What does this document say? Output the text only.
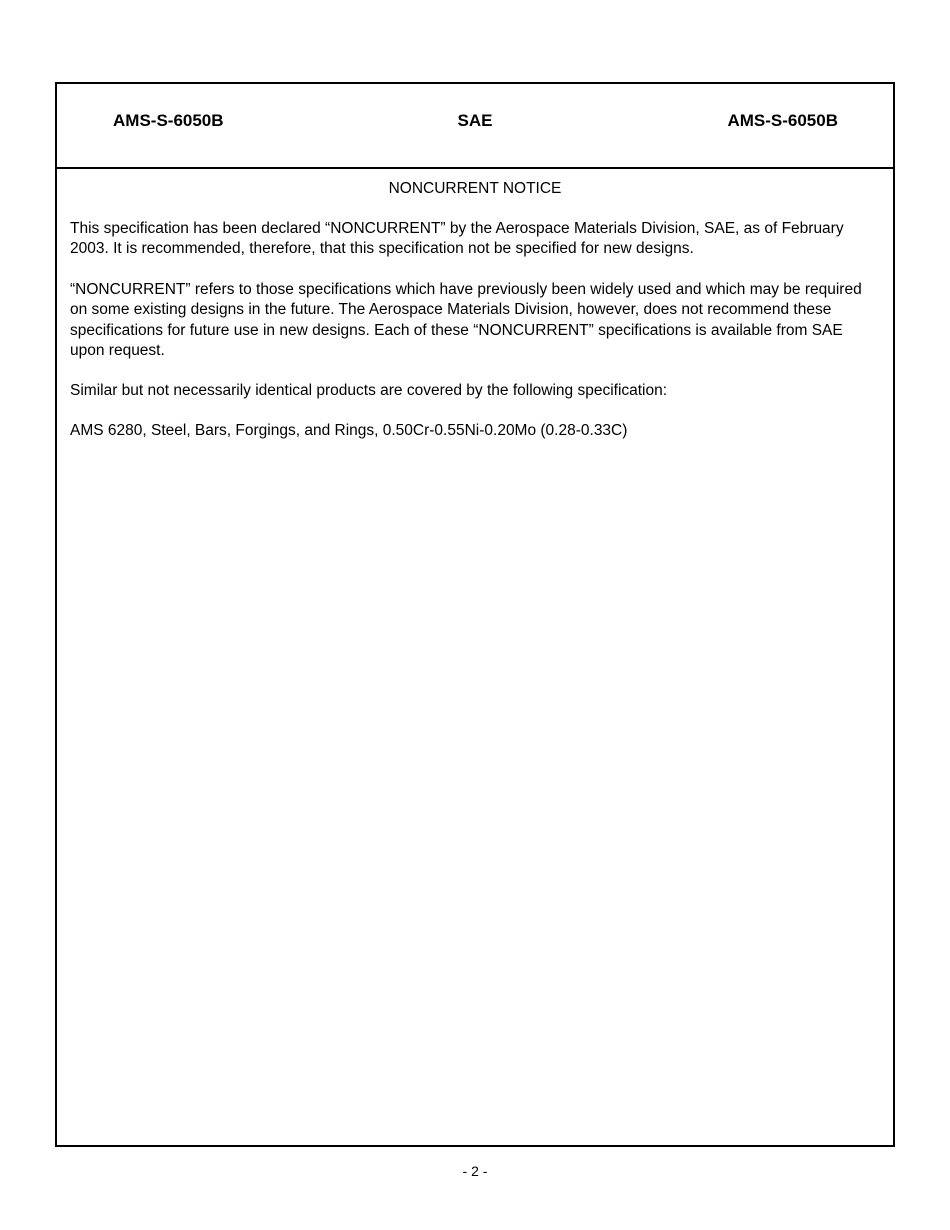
AMS-S-6050B	SAE	AMS-S-6050B
NONCURRENT NOTICE

This specification has been declared “NONCURRENT” by the Aerospace Materials Division, SAE, as of February 2003. It is recommended, therefore, that this specification not be specified for new designs.

“NONCURRENT” refers to those specifications which have previously been widely used and which may be required on some existing designs in the future. The Aerospace Materials Division, however, does not recommend these specifications for future use in new designs. Each of these “NONCURRENT” specifications is available from SAE upon request.

Similar but not necessarily identical products are covered by the following specification:

AMS 6280, Steel, Bars, Forgings, and Rings, 0.50Cr-0.55Ni-0.20Mo (0.28-0.33C)

- 2 -
